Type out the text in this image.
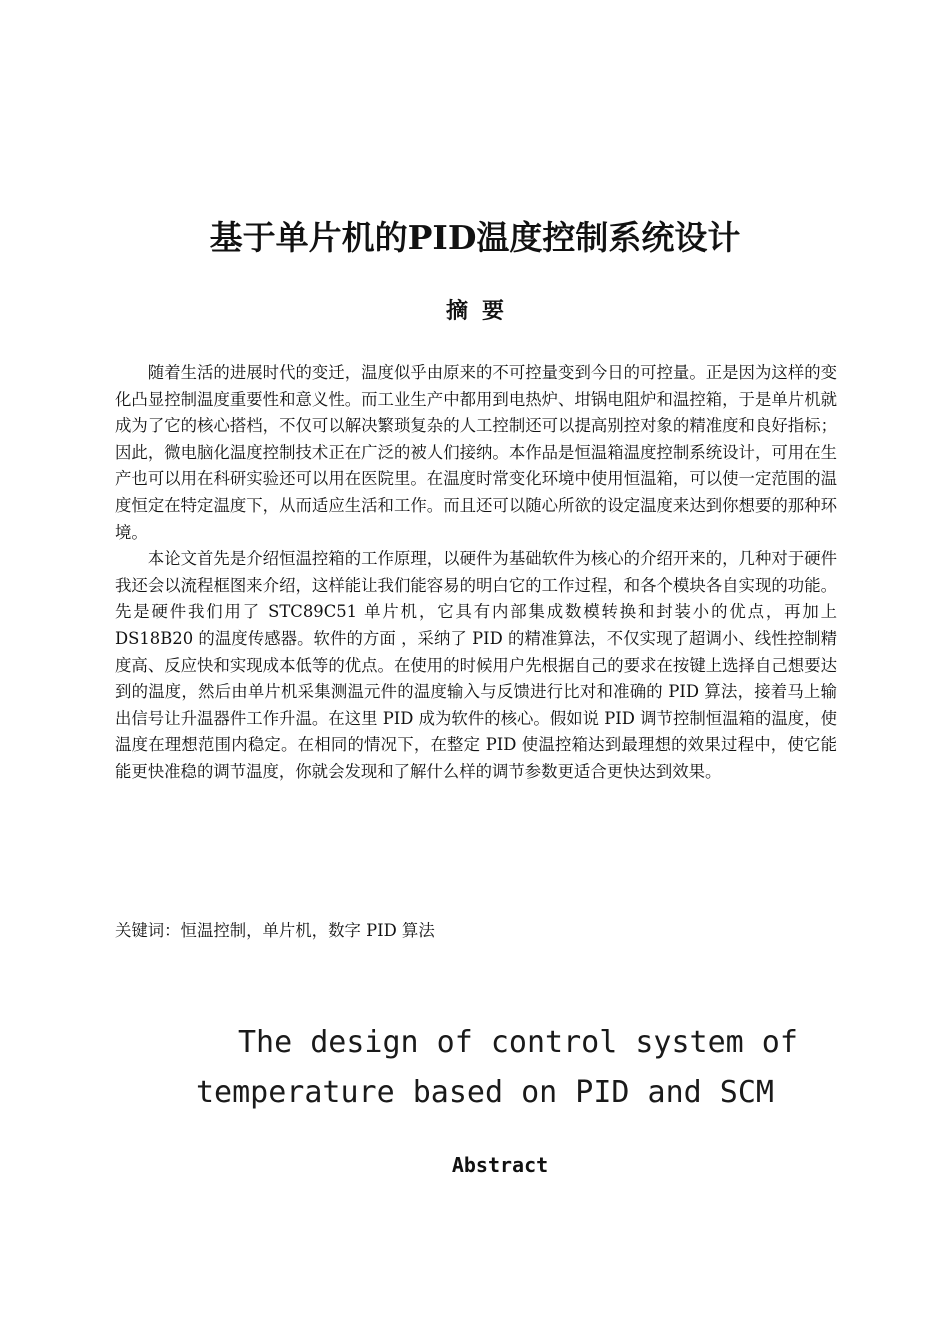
基于单片机的PID温度控制系统设计
摘 要

随着生活的进展时代的变迁，温度似乎由原来的不可控量变到今日的可控量。正是因为这样的变化凸显控制温度重要性和意义性。而工业生产中都用到电热炉、坩锅电阻炉和温控箱，于是单片机就成为了它的核心搭档，不仅可以解决繁琐复杂的人工控制还可以提高别控对象的精准度和良好指标；因此，微电脑化温度控制技术正在广泛的被人们接纳。本作品是恒温箱温度控制系统设计，可用在生产也可以用在科研实验还可以用在医院里。在温度时常变化环境中使用恒温箱，可以使一定范围的温度恒定在特定温度下，从而适应生活和工作。而且还可以随心所欲的设定温度来达到你想要的那种环境。

本论文首先是介绍恒温控箱的工作原理，以硬件为基础软件为核心的介绍开来的，几种对于硬件我还会以流程框图来介绍，这样能让我们能容易的明白它的工作过程，和各个模块各自实现的功能。先是硬件我们用了 STC89C51 单片机，它具有内部集成数模转换和封装小的优点，再加上 DS18B20 的温度传感器。软件的方面 ，采纳了 PID 的精准算法，不仅实现了超调小、线性控制精度高、反应快和实现成本低等的优点。在使用的时候用户先根据自己的要求在按键上选择自己想要达到的温度，然后由单片机采集测温元件的温度输入与反馈进行比对和准确的 PID 算法，接着马上输出信号让升温器件工作升温。在这里 PID 成为软件的核心。假如说 PID 调节控制恒温箱的温度，使温度在理想范围内稳定。在相同的情况下，在整定 PID 使温控箱达到最理想的效果过程中，使它能能更快准稳的调节温度，你就会发现和了解什么样的调节参数更适合更快达到效果。

关键词：恒温控制，单片机，数字 PID 算法

The design of control system of
temperature based on PID and SCM
Abstract
